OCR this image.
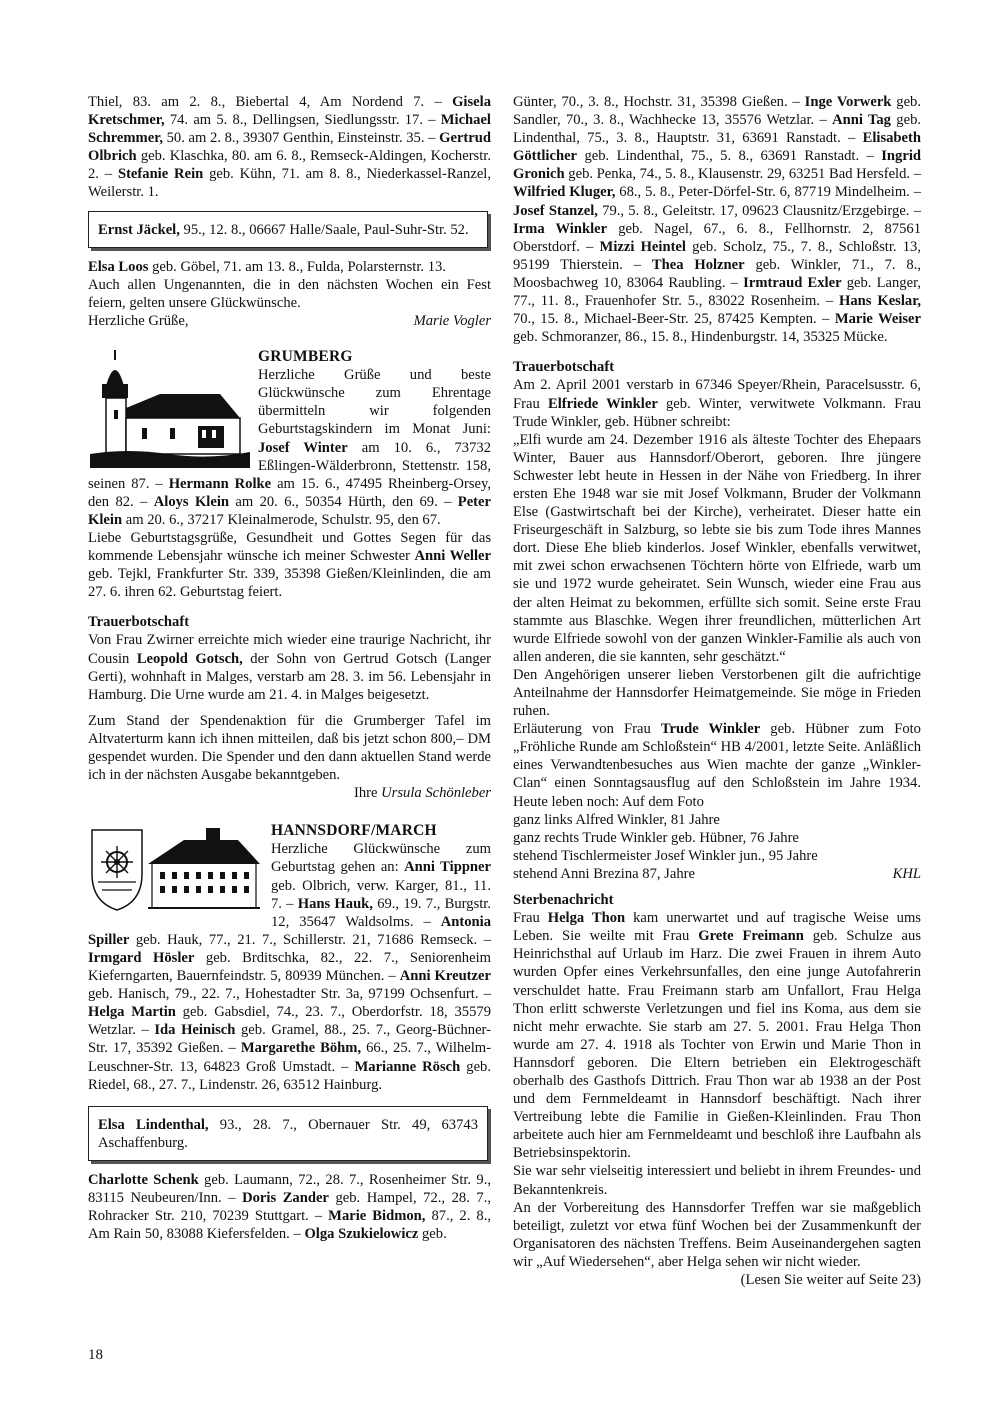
Thiel, 83. am 2. 8., Biebertal 4, Am Nordend 7. – Gisela Kretschmer, 74. am 5. 8., Dellingsen, Siedlungsstr. 17. – Michael Schremmer, 50. am 2. 8., 39307 Genthin, Einsteinstr. 35. – Gertrud Olbrich geb. Klaschka, 80. am 6. 8., Remseck-Aldingen, Kocherstr. 2. – Stefanie Rein geb. Kühn, 71. am 8. 8., Niederkassel-Ranzel, Weilerstr. 1.

Ernst Jäckel, 95., 12. 8., 06667 Halle/Saale, Paul-Suhr-Str. 52.

Elsa Loos geb. Göbel, 71. am 13. 8., Fulda, Polarsternstr. 13.

Auch allen Ungenannten, die in den nächsten Wochen ein Fest feiern, gelten unsere Glückwünsche.

Herzliche Grüße,	Marie Vogler

GRUMBERG

Herzliche Grüße und beste Glückwünsche zum Ehrentage übermitteln wir folgenden Geburtstagskindern im Monat Juni: Josef Winter am 10. 6., 73732 Eßlingen-Wälderbronn, Stettenstr. 158, seinen 87. – Hermann Rolke am 15. 6., 47495 Rheinberg-Orsey, den 82. – Aloys Klein am 20. 6., 50354 Hürth, den 69. – Peter Klein am 20. 6., 37217 Kleinalmerode, Schulstr. 95, den 67.

Liebe Geburtstagsgrüße, Gesundheit und Gottes Segen für das kommende Lebensjahr wünsche ich meiner Schwester Anni Weller geb. Tejkl, Frankfurter Str. 339, 35398 Gießen/Kleinlinden, die am 27. 6. ihren 62. Geburtstag feiert.

Trauerbotschaft

Von Frau Zwirner erreichte mich wieder eine traurige Nachricht, ihr Cousin Leopold Gotsch, der Sohn von Gertrud Gotsch (Langer Gerti), wohnhaft in Malges, verstarb am 28. 3. im 56. Lebensjahr in Hamburg. Die Urne wurde am 21. 4. in Malges beigesetzt.

Zum Stand der Spendenaktion für die Grumberger Tafel im Altvaterturm kann ich ihnen mitteilen, daß bis jetzt schon 800,– DM gespendet wurden. Die Spender und den dann aktuellen Stand werde ich in der nächsten Ausgabe bekanntgeben.

Ihre Ursula Schönleber

HANNSDORF/MARCH

Herzliche Glückwünsche zum Geburtstag gehen an: Anni Tippner geb. Olbrich, verw. Karger, 81., 11. 7. – Hans Hauk, 69., 19. 7., Burgstr. 12, 35647 Waldsolms. – Antonia Spiller geb. Hauk, 77., 21. 7., Schillerstr. 21, 71686 Remseck. – Irmgard Hösler geb. Brditschka, 82., 22. 7., Seniorenheim Kieferngarten, Bauernfeindstr. 5, 80939 München. – Anni Kreutzer geb. Hanisch, 79., 22. 7., Hohestadter Str. 3a, 97199 Ochsenfurt. – Helga Martin geb. Gabsdiel, 74., 23. 7., Oberdorfstr. 18, 35579 Wetzlar. – Ida Heinisch geb. Gramel, 88., 25. 7., Georg-Büchner-Str. 17, 35392 Gießen. – Margarethe Böhm, 66., 25. 7., Wilhelm-Leuschner-Str. 13, 64823 Groß Umstadt. – Marianne Rösch geb. Riedel, 68., 27. 7., Lindenstr. 26, 63512 Hainburg.

Elsa Lindenthal, 93., 28. 7., Obernauer Str. 49, 63743 Aschaffenburg.

Charlotte Schenk geb. Laumann, 72., 28. 7., Rosenheimer Str. 9., 83115 Neubeuren/Inn. – Doris Zander geb. Hampel, 72., 28. 7., Rohracker Str. 210, 70239 Stuttgart. – Marie Bidmon, 87., 2. 8., Am Rain 50, 83088 Kiefersfelden. – Olga Szukielowicz geb.

Günter, 70., 3. 8., Hochstr. 31, 35398 Gießen. – Inge Vorwerk geb. Sandler, 70., 3. 8., Wachhecke 13, 35576 Wetzlar. – Anni Tag geb. Lindenthal, 75., 3. 8., Hauptstr. 31, 63691 Ranstadt. – Elisabeth Göttlicher geb. Lindenthal, 75., 5. 8., 63691 Ranstadt. – Ingrid Gronich geb. Penka, 74., 5. 8., Klausenstr. 29, 63251 Bad Hersfeld. – Wilfried Kluger, 68., 5. 8., Peter-Dörfel-Str. 6, 87719 Mindelheim. – Josef Stanzel, 79., 5. 8., Geleitstr. 17, 09623 Clausnitz/Erzgebirge. – Irma Winkler geb. Nagel, 67., 6. 8., Fellhornstr. 2, 87561 Oberstdorf. – Mizzi Heintel geb. Scholz, 75., 7. 8., Schloßstr. 13, 95199 Thierstein. – Thea Holzner geb. Winkler, 71., 7. 8., Moosbachweg 10, 83064 Raubling. – Irmtraud Exler geb. Langer, 77., 11. 8., Frauenhofer Str. 5., 83022 Rosenheim. – Hans Keslar, 70., 15. 8., Michael-Beer-Str. 25, 87425 Kempten. – Marie Weiser geb. Schmoranzer, 86., 15. 8., Hindenburgstr. 14, 35325 Mücke.

Trauerbotschaft

Am 2. April 2001 verstarb in 67346 Speyer/Rhein, Paracelsusstr. 6, Frau Elfriede Winkler geb. Winter, verwitwete Volkmann. Frau Trude Winkler, geb. Hübner schreibt:

„Elfi wurde am 24. Dezember 1916 als älteste Tochter des Ehepaars Winter, Bauer aus Hannsdorf/Oberort, geboren. Ihre jüngere Schwester lebt heute in Hessen in der Nähe von Friedberg. In ihrer ersten Ehe 1948 war sie mit Josef Volkmann, Bruder der Volkmann Else (Gastwirtschaft bei der Kirche), verheiratet. Dieser hatte ein Friseurgeschäft in Salzburg, so lebte sie bis zum Tode ihres Mannes dort. Diese Ehe blieb kinderlos. Josef Winkler, ebenfalls verwitwet, mit zwei schon erwachsenen Töchtern hörte von Elfriede, warb um sie und 1972 wurde geheiratet. Sein Wunsch, wieder eine Frau aus der alten Heimat zu bekommen, erfüllte sich somit. Seine erste Frau stammte aus Blaschke. Wegen ihrer freundlichen, mütterlichen Art wurde Elfriede sowohl von der ganzen Winkler-Familie als auch von allen anderen, die sie kannten, sehr geschätzt.“

Den Angehörigen unserer lieben Verstorbenen gilt die aufrichtige Anteilnahme der Hannsdorfer Heimatgemeinde. Sie möge in Frieden ruhen.

Erläuterung von Frau Trude Winkler geb. Hübner zum Foto „Fröhliche Runde am Schloßstein“ HB 4/2001, letzte Seite. Anläßlich eines Verwandtenbesuches aus Wien machte der ganze „Winkler-Clan“ einen Sonntagsausflug auf den Schloßstein im Jahre 1934. Heute leben noch: Auf dem Foto

ganz links Alfred Winkler, 81 Jahre

ganz rechts Trude Winkler geb. Hübner, 76 Jahre

stehend Tischlermeister Josef Winkler jun., 95 Jahre

stehend Anni Brezina 87, Jahre	KHL

Sterbenachricht

Frau Helga Thon kam unerwartet und auf tragische Weise ums Leben. Sie weilte mit Frau Grete Freimann geb. Schulze aus Heinrichsthal auf Urlaub im Harz. Die zwei Frauen in ihrem Auto wurden Opfer eines Verkehrsunfalles, den eine junge Autofahrerin verschuldet hatte. Frau Freimann starb am Unfallort, Frau Helga Thon erlitt schwerste Verletzungen und fiel ins Koma, aus dem sie nicht mehr erwachte. Sie starb am 27. 5. 2001. Frau Helga Thon wurde am 27. 4. 1918 als Tochter von Erwin und Marie Thon in Hannsdorf geboren. Die Eltern betrieben ein Elektrogeschäft oberhalb des Gasthofs Dittrich. Frau Thon war ab 1938 an der Post und dem Fernmeldeamt in Hannsdorf beschäftigt. Nach ihrer Vertreibung lebte die Familie in Gießen-Kleinlinden. Frau Thon arbeitete auch hier am Fernmeldeamt und beschloß ihre Laufbahn als Betriebsinspektorin.

Sie war sehr vielseitig interessiert und beliebt in ihrem Freundes- und Bekanntenkreis.

An der Vorbereitung des Hannsdorfer Treffen war sie maßgeblich beteiligt, zuletzt vor etwa fünf Wochen bei der Zusammenkunft der Organisatoren des nächsten Treffens. Beim Auseinandergehen sagten wir „Auf Wiedersehen“, aber Helga sehen wir nicht wieder.

(Lesen Sie weiter auf Seite 23)

18
